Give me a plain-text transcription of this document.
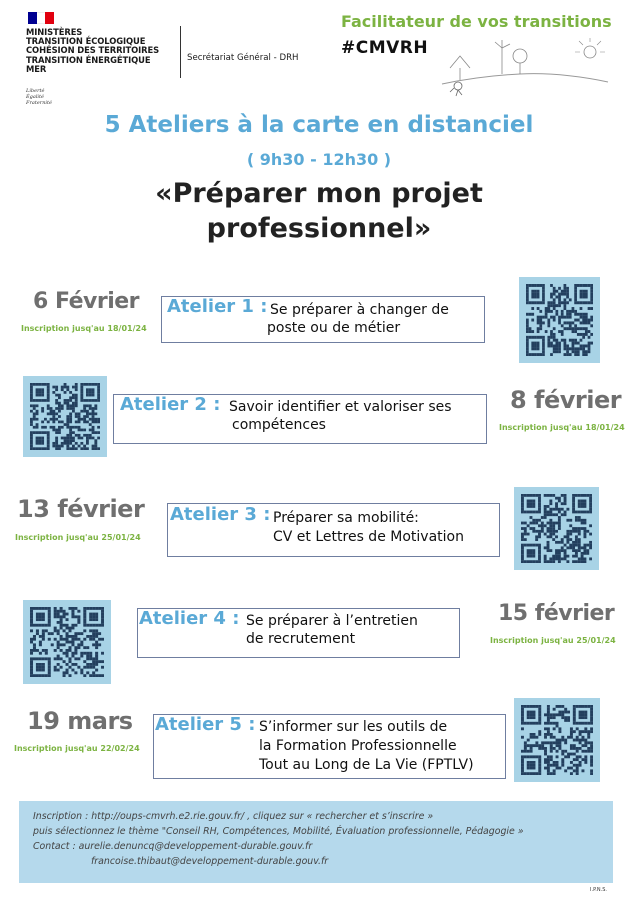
MINISTÈRES
TRANSITION ÉCOLOGIQUE
COHÉSION DES TERRITOIRES
TRANSITION ÉNERGÉTIQUE
MER
Liberté
Égalité
Fraternité
Secrétariat Général - DRH
Facilitateur de vos transitions
#CMVRH
5 Ateliers à la carte en distanciel
( 9h30 - 12h30 )
«Préparer mon projet
professionnel»
6 Février
Inscription jusq'au 18/01/24
Atelier 1 : Se préparer à changer de
poste ou de métier
Atelier 2 : Savoir identifier et valoriser ses
compétences
8 février
Inscription jusq'au 18/01/24
13 février
Inscription jusq'au 25/01/24
Atelier 3 : Préparer sa mobilité:
CV et Lettres de Motivation
Atelier 4 : Se préparer à l’entretien
de recrutement
15 février
Inscription jusq'au 25/01/24
19 mars
Inscription jusq'au 22/02/24
Atelier 5 : S’informer sur les outils de
la Formation Professionnelle
Tout au Long de La Vie (FPTLV)
Inscription : http://oups-cmvrh.e2.rie.gouv.fr/ , cliquez sur « rechercher et s’inscrire »
puis sélectionnez le thème "Conseil RH, Compétences, Mobilité, Évaluation professionnelle, Pédagogie »
Contact : aurelie.denuncq@developpement-durable.gouv.fr
francoise.thibaut@developpement-durable.gouv.fr
I.P.N.S.
